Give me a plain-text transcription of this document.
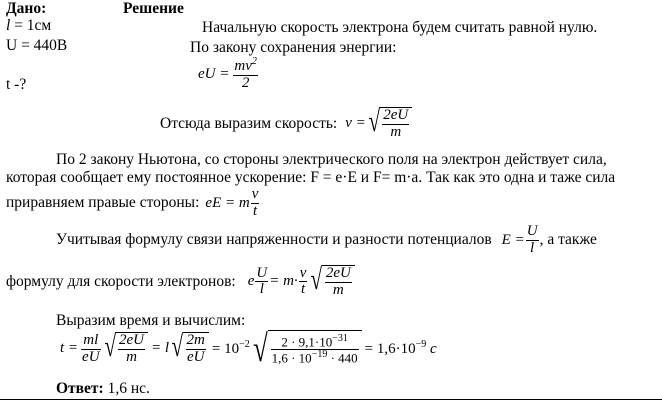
Дано:
l = 1см
U = 440В
t -?
Решение
Начальную скорость электрона будем считать равной нулю.
По закону сохранения энергии:
eU = $\frac{mv^2}{2}$
Отсюда выразим скорость: v = √ $\frac{2eU}{m}$
По 2 закону Ньютона, со стороны электрического поля на электрон действует сила,
которая сообщает ему постоянное ускорение: F = e·E и F= m·a. Так как это одна и таже сила
приравняем правые стороны: eE = m $\frac{v}{t}$
Учитывая формулу связи напряженности и разности потенциалов $E = \frac{U}{l}$ , а также
формулу для скорости электронов: e $\frac{U}{l} = m\cdot \frac{v}{t}$ √ $\frac{2eU}{m}$
Выразим время и вычислим:
$t = \frac{ml}{eU}$ √ $\frac{2eU}{m} = l$ √ $\frac{2m}{eU} = 10^{-2}$ √ $\frac{2 \cdot 9,1\cdot 10^{-31}}{1,6 \cdot 10^{-19} \cdot 440} = 1,6\cdot 10^{-9}$ c
Ответ: 1,6 нс.
